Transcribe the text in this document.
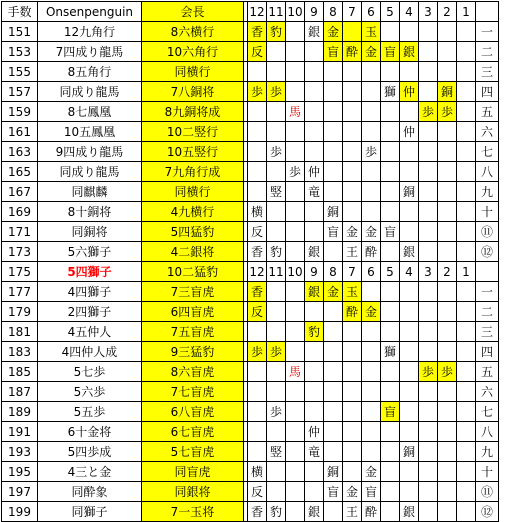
手数	Onsenpenguin	会長		12	11	10	9	8	7	6	5	4	3	2	1	
151	12九角行	8六横行		香	豹		銀	金		玉						一
153	7四成り龍馬	10六角行		反				盲	酔	金	盲	銀				二
155	8五角行	同横行														三
157	同成り龍馬	7八銅将		歩	歩						獅	仲		銅		四
159	8七鳳凰	8九銅将成				馬							歩	歩		五
161	10五鳳凰	10二竪行										仲				六
163	9四成り龍馬	10五竪行			歩					歩						七
165	同成り龍馬	7九角行成				歩	仲									八
167	同麒麟	同横行			竪		竜					銅				九
169	8十銅将	4九横行		横				銅								十
171	同銅将	5四猛豹		反				盲	金	金	盲					⑪
173	5六獅子	4二銀将		香	豹		銀		王	酔		銀				⑫
175	5四獅子	10二猛豹		12	11	10	9	8	7	6	5	4	3	2	1	
177	4四獅子	7三盲虎		香			銀	金	玉							一
179	2四獅子	6四盲虎		反					酔	金						二
181	4五仲人	7五盲虎					豹									三
183	4四仲人成	9三猛豹		歩	歩						獅					四
185	5七歩	8六盲虎				馬							歩	歩		五
187	5六歩	7七盲虎														六
189	5五歩	6八盲虎			歩						盲					七
191	6十金将	6七盲虎					仲									八
193	5四歩成	5七盲虎			竪		竜					銅				九
195	4三と金	同盲虎		横				銅		金						十
197	同酔象	同銀将		反				盲	金	盲						⑪
199	同獅子	7一玉将		香	豹		銀		王	酔		銀				⑫
